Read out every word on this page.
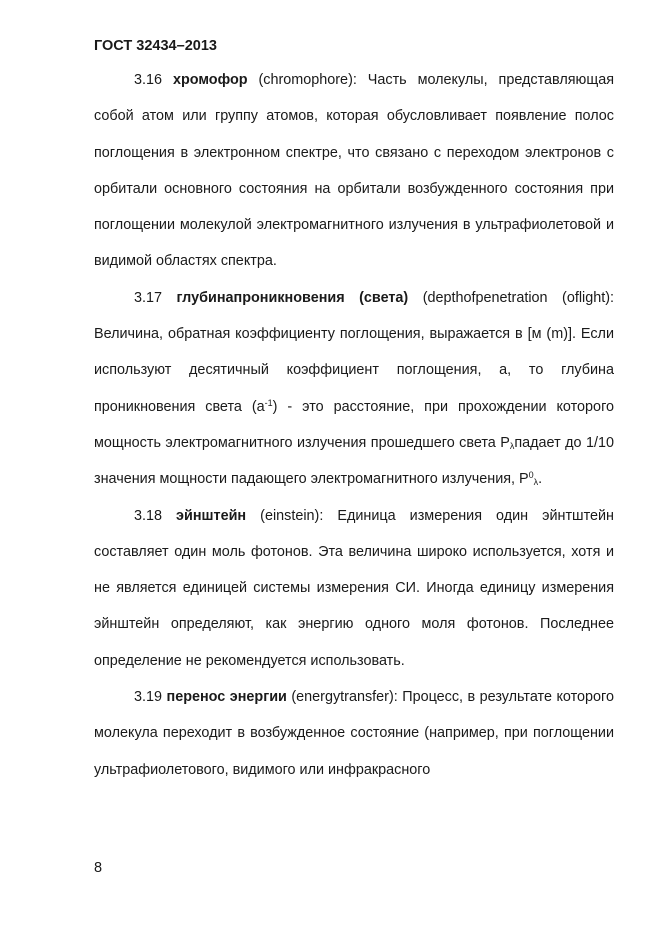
ГОСТ 32434–2013

3.16 хромофор (chromophore): Часть молекулы, представляющая собой атом или группу атомов, которая обусловливает появление полос поглощения в электронном спектре, что связано с переходом электронов с орбитали основного состояния на орбитали возбужденного состояния при поглощении молекулой электромагнитного излучения в ультрафиолетовой и видимой областях спектра.

3.17 глубинапроникновения (света) (depthofpenetration (oflight): Величина, обратная коэффициенту поглощения, выражается в [м (m)]. Если используют десятичный коэффициент поглощения, a, то глубина проникновения света $(a^{-1})$ - это расстояние, при прохождении которого мощность электромагнитного излучения прошедшего света $P_\lambda падает$ до 1/10 значения мощности падающего электромагнитного излучения, $P^0_\lambda$.

3.18 эйнштейн (einstein): Единица измерения один эйнтштейн составляет один моль фотонов. Эта величина широко используется, хотя и не является единицей системы измерения СИ. Иногда единицу измерения эйнштейн определяют, как энергию одного моля фотонов. Последнее определение не рекомендуется использовать.

3.19 перенос энергии (energytransfer): Процесс, в результате которого молекула переходит в возбужденное состояние (например, при поглощении ультрафиолетового, видимого или инфракрасного

8
